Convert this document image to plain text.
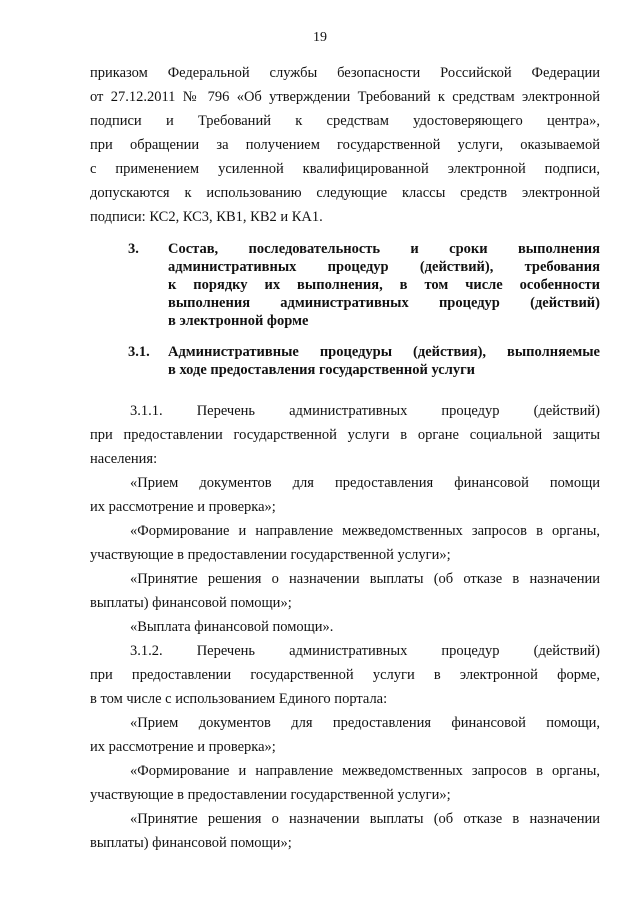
19
приказом Федеральной службы безопасности Российской Федерации
от 27.12.2011 № 796 «Об утверждении Требований к средствам электронной
подписи и Требований к средствам удостоверяющего центра»,
при обращении за получением государственной услуги, оказываемой
с применением усиленной квалифицированной электронной подписи,
допускаются к использованию следующие классы средств электронной
подписи: КС2, КС3, КВ1, КВ2 и КА1.
3. Состав, последовательность и сроки выполнения
административных процедур (действий), требования
к порядку их выполнения, в том числе особенности
выполнения административных процедур (действий)
в электронной форме
3.1. Административные процедуры (действия), выполняемые
в ходе предоставления государственной услуги
3.1.1. Перечень административных процедур (действий)
при предоставлении государственной услуги в органе социальной защиты
населения:
«Прием документов для предоставления финансовой помощи
их рассмотрение и проверка»;
«Формирование и направление межведомственных запросов в органы,
участвующие в предоставлении государственной услуги»;
«Принятие решения о назначении выплаты (об отказе в назначении
выплаты) финансовой помощи»;
«Выплата финансовой помощи».
3.1.2. Перечень административных процедур (действий)
при предоставлении государственной услуги в электронной форме,
в том числе с использованием Единого портала:
«Прием документов для предоставления финансовой помощи,
их рассмотрение и проверка»;
«Формирование и направление межведомственных запросов в органы,
участвующие в предоставлении государственной услуги»;
«Принятие решения о назначении выплаты (об отказе в назначении
выплаты) финансовой помощи»;
